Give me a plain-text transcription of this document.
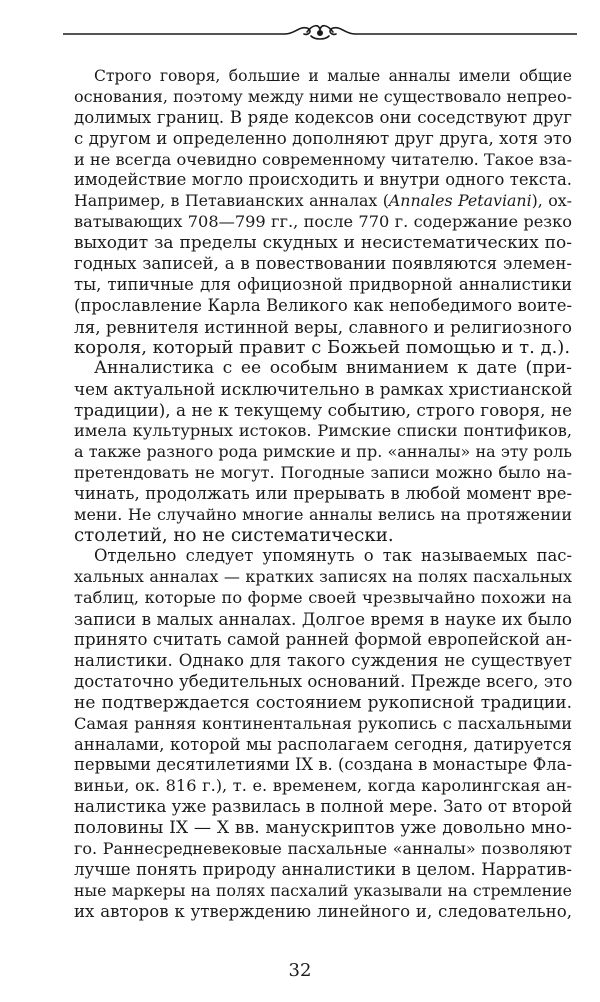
Строго говоря, большие и малые анналы имели общие
основания, поэтому между ними не существовало непрео-
долимых границ. В ряде кодексов они соседствуют друг
с другом и определенно дополняют друг друга, хотя это
и не всегда очевидно современному читателю. Такое вза-
имодействие могло происходить и внутри одного текста.
Например, в Петавианских анналах (Annales Petaviani), ох-
ватывающих 708—799 гг., после 770 г. содержание резко
выходит за пределы скудных и несистематических по-
годных записей, а в повествовании появляются элемен-
ты, типичные для официозной придворной анналистики
(прославление Карла Великого как непобедимого воите-
ля, ревнителя истинной веры, славного и религиозного
короля, который правит с Божьей помощью и т. д.).
Анналистика с ее особым вниманием к дате (при-
чем актуальной исключительно в рамках христианской
традиции), а не к текущему событию, строго говоря, не
имела культурных истоков. Римские списки понтификов,
а также разного рода римские и пр. «анналы» на эту роль
претендовать не могут. Погодные записи можно было на-
чинать, продолжать или прерывать в любой момент вре-
мени. Не случайно многие анналы велись на протяжении
столетий, но не систематически.
Отдельно следует упомянуть о так называемых пас-
хальных анналах — кратких записях на полях пасхальных
таблиц, которые по форме своей чрезвычайно похожи на
записи в малых анналах. Долгое время в науке их было
принято считать самой ранней формой европейской ан-
налистики. Однако для такого суждения не существует
достаточно убедительных оснований. Прежде всего, это
не подтверждается состоянием рукописной традиции.
Самая ранняя континентальная рукопись с пасхальными
анналами, которой мы располагаем сегодня, датируется
первыми десятилетиями IX в. (создана в монастыре Фла-
виньи, ок. 816 г.), т. е. временем, когда каролингская ан-
налистика уже развилась в полной мере. Зато от второй
половины IX — X вв. манускриптов уже довольно мно-
го. Раннесредневековые пасхальные «анналы» позволяют
лучше понять природу анналистики в целом. Нарратив-
ные маркеры на полях пасхалий указывали на стремление
их авторов к утверждению линейного и, следовательно,
32
